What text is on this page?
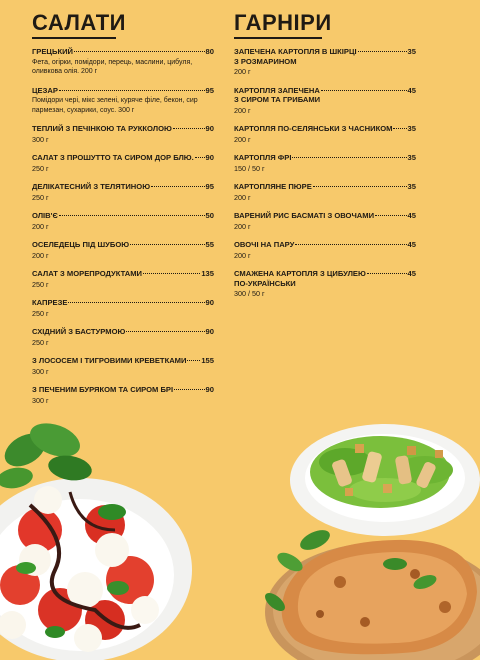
САЛАТИ
ГРЕЦЬКИЙ	80
Фета, огірки, помідори, перець, маслини, цибуля, оливкова олія. 200 г
ЦЕЗАР	95
Помідори чері, мікс зелені, куряче філе, бекон, сир пармезан, сухарики, соус. 300 г
ТЕПЛИЙ З ПЕЧІНКОЮ ТА РУККОЛОЮ	90
300 г
САЛАТ З ПРОШУТТО ТА СИРОМ ДОР БЛЮ. 90
250 г
ДЕЛІКАТЕСНИЙ З ТЕЛЯТИНОЮ	95
250 г
ОЛІВ'Є	50
200 г
ОСЕЛЕДЕЦЬ ПІД ШУБОЮ	55
200 г
САЛАТ З МОРЕПРОДУКТАМИ	135
250 г
КАПРЕЗЕ	90
250 г
СХІДНИЙ З БАСТУРМОЮ	90
250 г
З ЛОСОСЕМ І ТИГРОВИМИ КРЕВЕТКАМИ 155
300 г
З ПЕЧЕНИМ БУРЯКОМ ТА СИРОМ БРІ	90
300 г
ГАРНІРИ
ЗАПЕЧЕНА КАРТОПЛЯ В ШКІРЦІ
З РОЗМАРИНОМ
35
200 г
КАРТОПЛЯ ЗАПЕЧЕНА
З СИРОМ ТА ГРИБАМИ
45
200 г
КАРТОПЛЯ ПО-СЕЛЯНСЬКИ З ЧАСНИКОМ 35
200 г
КАРТОПЛЯ ФРІ	35
150 / 50 г
КАРТОПЛЯНЕ ПЮРЕ	35
200 г
ВАРЕНИЙ РИС БАСМАТІ З ОВОЧАМИ	45
200 г
ОВОЧІ НА ПАРУ	45
200 г
СМАЖЕНА КАРТОПЛЯ З ЦИБУЛЕЮ
ПО-УКРАЇНСЬКИ
45
300 / 50 г
